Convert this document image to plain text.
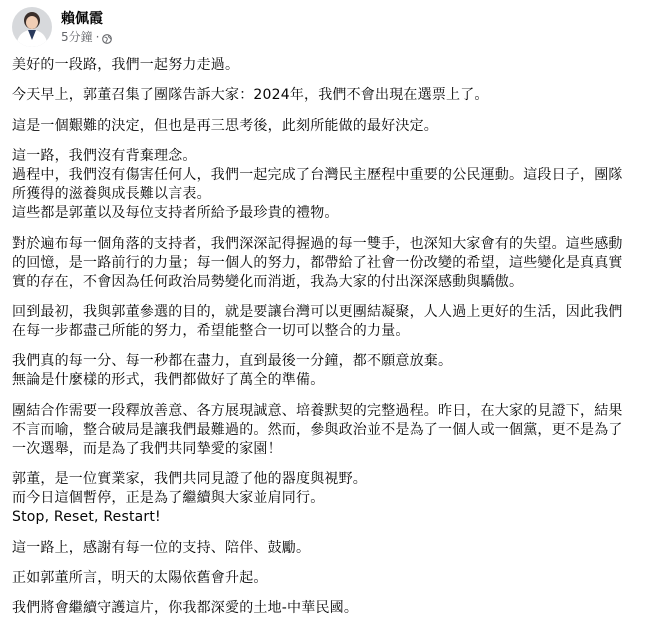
賴佩霞
5分鐘 ·
美好的一段路，我們一起努力走過。
今天早上，郭董召集了團隊告訴大家：2024年，我們不會出現在選票上了。
這是一個艱難的決定，但也是再三思考後，此刻所能做的最好決定。
這一路，我們沒有背棄理念。
過程中，我們沒有傷害任何人，我們一起完成了台灣民主歷程中重要的公民運動。這段日子，團隊
所獲得的滋養與成長難以言表。
這些都是郭董以及每位支持者所給予最珍貴的禮物。
對於遍布每一個角落的支持者，我們深深記得握過的每一雙手，也深知大家會有的失望。這些感動
的回憶，是一路前行的力量；每一個人的努力，都帶給了社會一份改變的希望，這些變化是真真實
實的存在，不會因為任何政治局勢變化而消逝，我為大家的付出深深感動與驕傲。
回到最初，我與郭董參選的目的，就是要讓台灣可以更團結凝聚，人人過上更好的生活，因此我們
在每一步都盡己所能的努力，希望能整合一切可以整合的力量。
我們真的每一分、每一秒都在盡力，直到最後一分鐘，都不願意放棄。
無論是什麼樣的形式，我們都做好了萬全的準備。
團結合作需要一段釋放善意、各方展現誠意、培養默契的完整過程。昨日，在大家的見證下，結果
不言而喻，整合破局是讓我們最難過的。然而，參與政治並不是為了一個人或一個黨，更不是為了
一次選舉，而是為了我們共同摯愛的家園！
郭董，是一位實業家，我們共同見證了他的器度與視野。
而今日這個暫停，正是為了繼續與大家並肩同行。
Stop, Reset, Restart!
這一路上，感謝有每一位的支持、陪伴、鼓勵。
正如郭董所言，明天的太陽依舊會升起。
我們將會繼續守護這片，你我都深愛的土地-中華民國。
